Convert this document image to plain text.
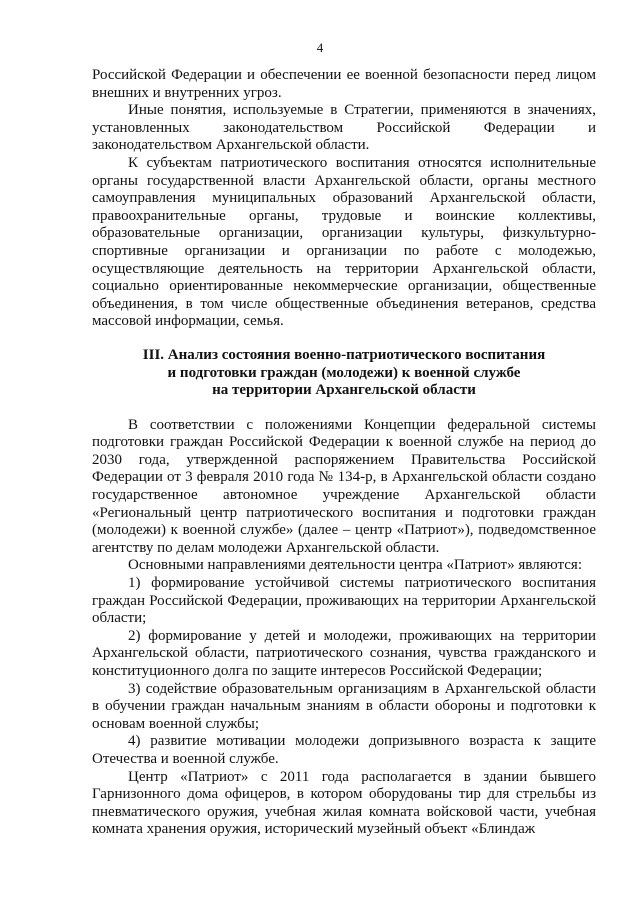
4

Российской Федерации и обеспечении ее военной безопасности перед лицом внешних и внутренних угроз.

Иные понятия, используемые в Стратегии, применяются в значениях, установленных законодательством Российской Федерации и законодательством Архангельской области.

К субъектам патриотического воспитания относятся исполнительные органы государственной власти Архангельской области, органы местного самоуправления муниципальных образований Архангельской области, правоохранительные органы, трудовые и воинские коллективы, образовательные организации, организации культуры, физкультурно-спортивные организации и организации по работе с молодежью, осуществляющие деятельность на территории Архангельской области, социально ориентированные некоммерческие организации, общественные объединения, в том числе общественные объединения ветеранов, средства массовой информации, семья.

III. Анализ состояния военно-патриотического воспитания
и подготовки граждан (молодежи) к военной службе
на территории Архангельской области

В соответствии с положениями Концепции федеральной системы подготовки граждан Российской Федерации к военной службе на период до 2030 года, утвержденной распоряжением Правительства Российской Федерации от 3 февраля 2010 года № 134-р, в Архангельской области создано государственное автономное учреждение Архангельской области «Региональный центр патриотического воспитания и подготовки граждан (молодежи) к военной службе» (далее – центр «Патриот»), подведомственное агентству по делам молодежи Архангельской области.

Основными направлениями деятельности центра «Патриот» являются:

1) формирование устойчивой системы патриотического воспитания граждан Российской Федерации, проживающих на территории Архангельской области;

2) формирование у детей и молодежи, проживающих на территории Архангельской области, патриотического сознания, чувства гражданского и конституционного долга по защите интересов Российской Федерации;

3) содействие образовательным организациям в Архангельской области в обучении граждан начальным знаниям в области обороны и подготовки к основам военной службы;

4) развитие мотивации молодежи допризывного возраста к защите Отечества и военной службе.

Центр «Патриот» с 2011 года располагается в здании бывшего Гарнизонного дома офицеров, в котором оборудованы тир для стрельбы из пневматического оружия, учебная жилая комната войсковой части, учебная комната хранения оружия, исторический музейный объект «Блиндаж
